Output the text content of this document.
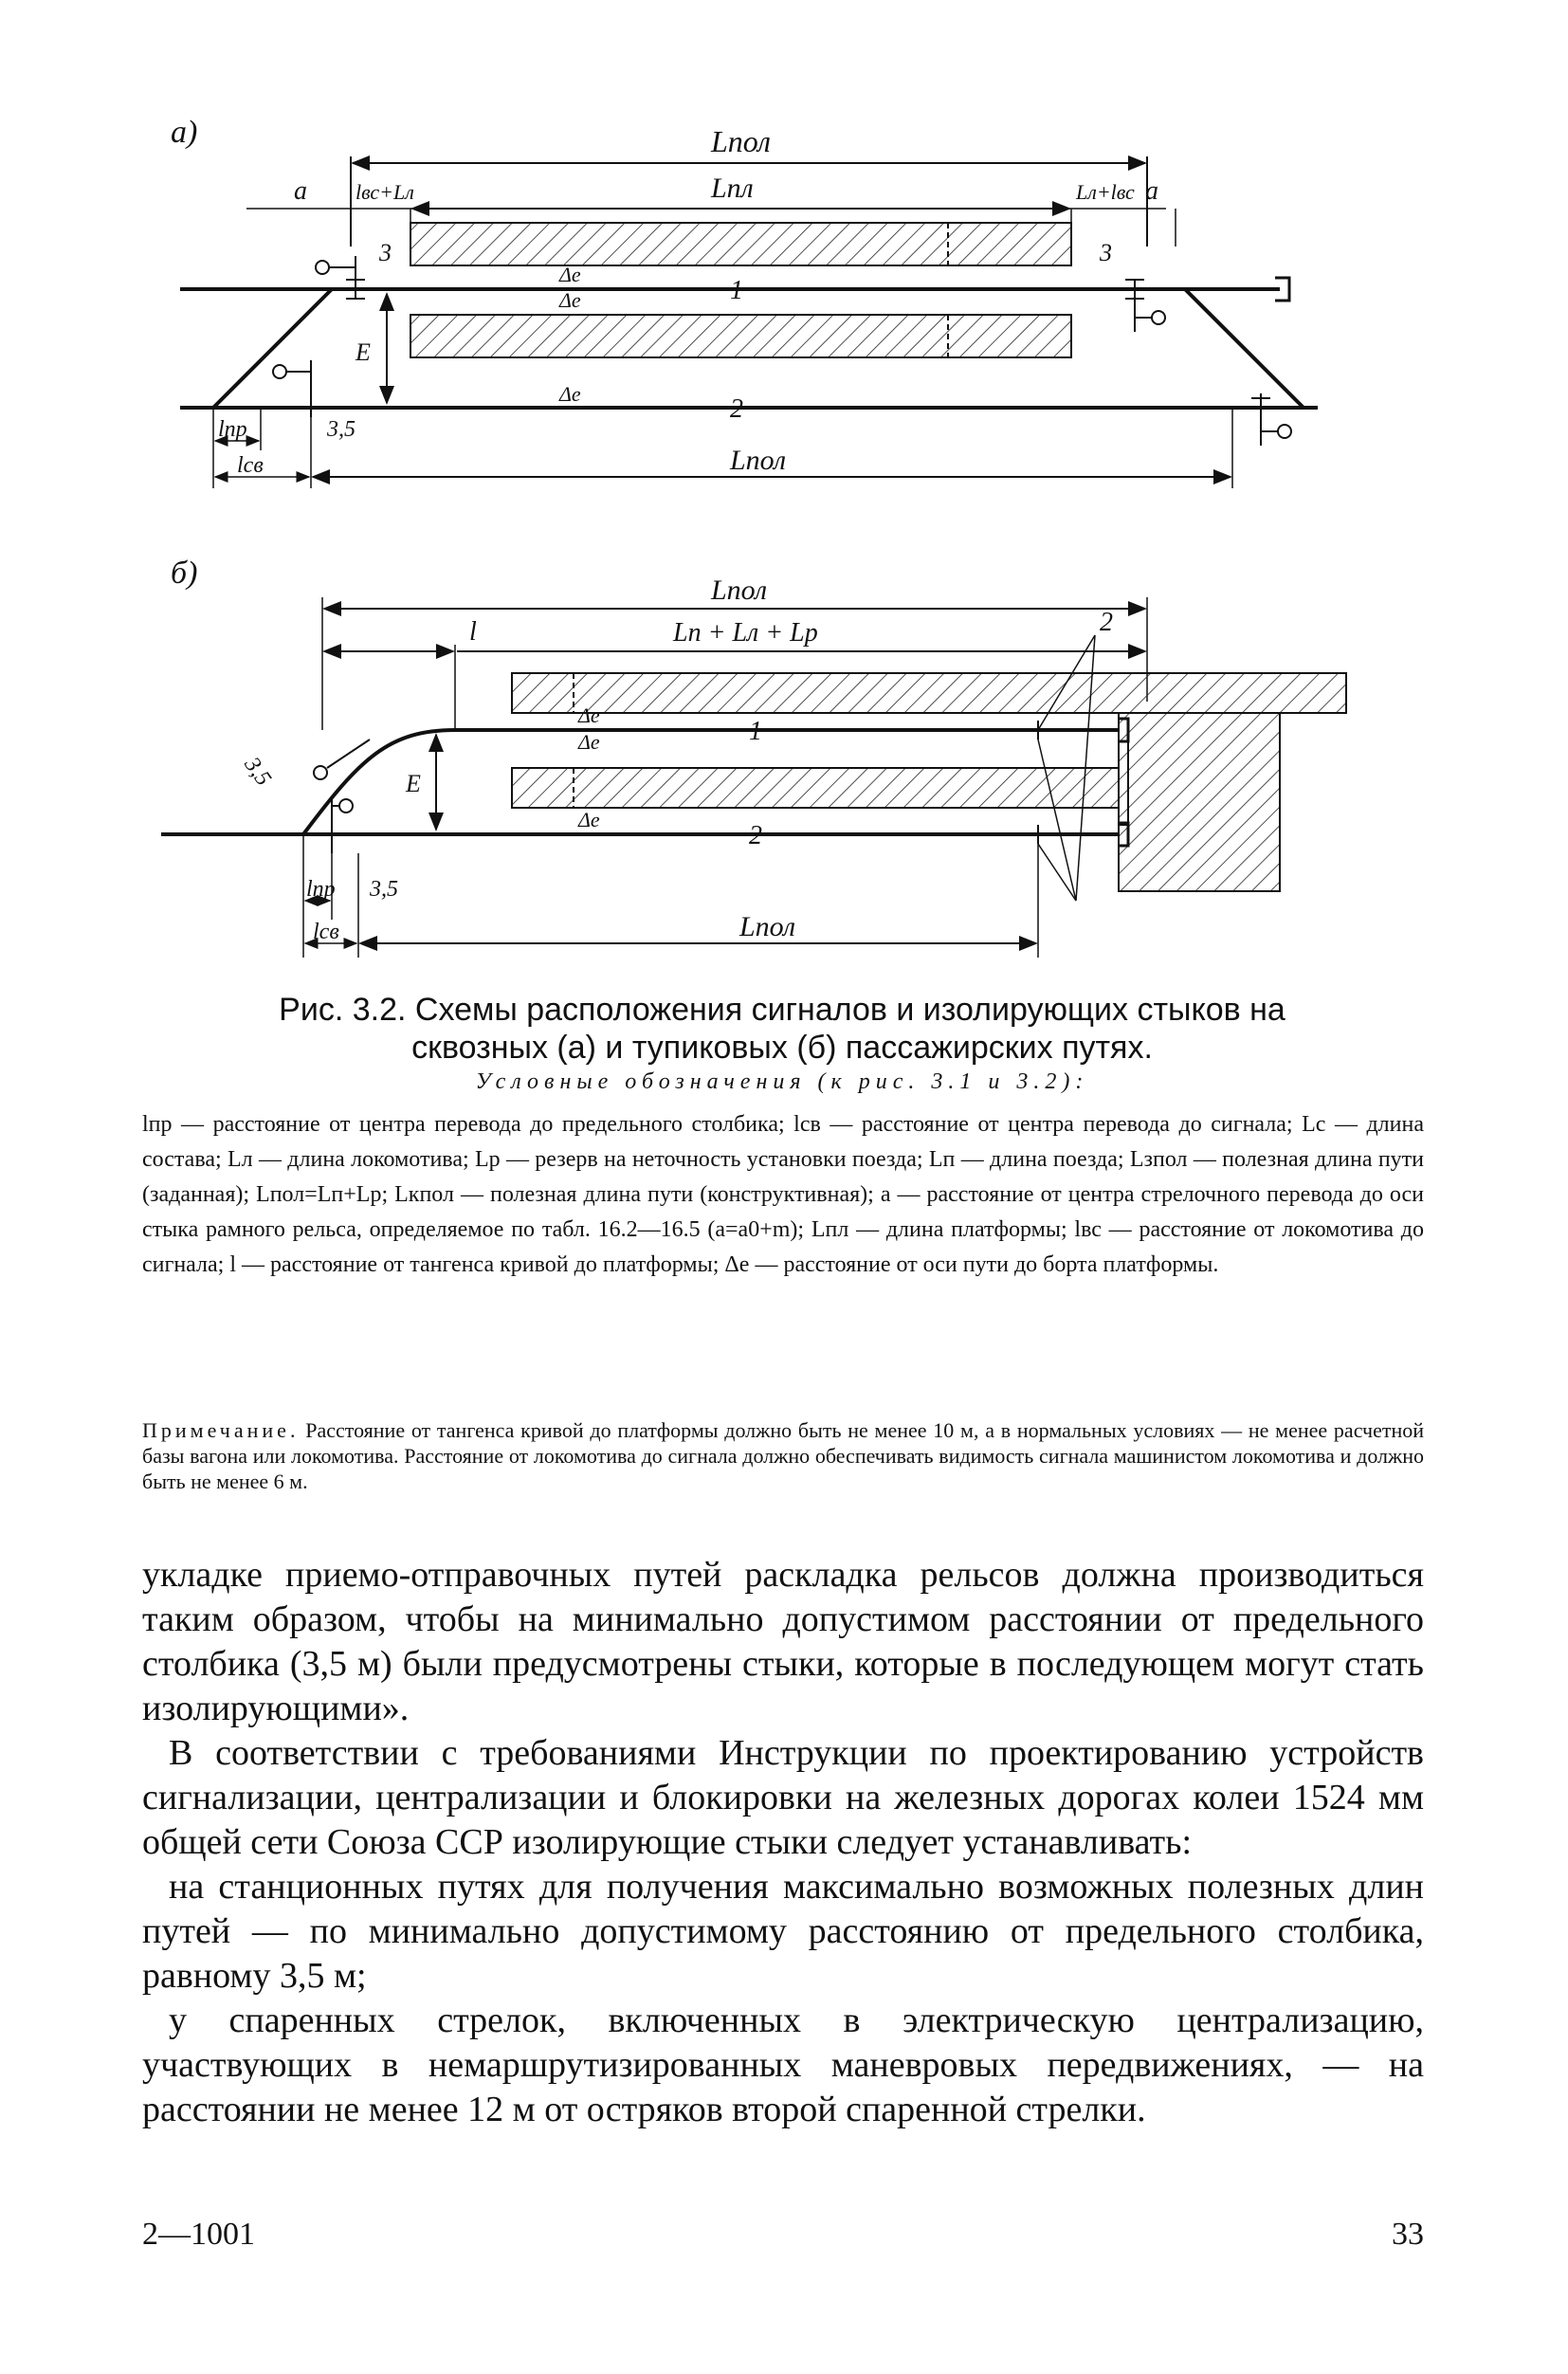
а)	Lпол
Lпл
a lвс+Lл	Lл+lвс a
3	3
Δe
Δe
Δe
1
2
E
lпр	3,5
lсв	Lпол
б)	Lпол
l	Lп + Lл + Lр	2
Δe
Δe
Δe
1
2
E
3,5
lпр 3,5
lсв	Lпол
Рис. 3.2. Схемы расположения сигналов и изолирующих стыков на
сквозных (а) и тупиковых (б) пассажирских путях.
Условные обозначения (к рис. 3.1 и 3.2):
lпр — расстояние от центра перевода до предельного столбика; lсв — расстояние от центра перевода до сигнала; Lс — длина состава; Lл — длина локомотива; Lр — резерв на неточность установки поезда; Lп — длина поезда; Lзпол — полезная длина пути (заданная); Lпол=Lп+Lр; Lкпол — полезная длина пути (конструктивная); a — расстояние от центра стрелочного перевода до оси стыка рамного рельса, определяемое по табл. 16.2—16.5 (a=a0+m); Lпл — длина платформы; lвс — расстояние от локомотива до сигнала; l — расстояние от тангенса кривой до платформы; Δe — расстояние от оси пути до борта платформы.
Примечание. Расстояние от тангенса кривой до платформы должно быть не менее 10 м, а в нормальных условиях — не менее расчетной базы вагона или локомотива. Расстояние от локомотива до сигнала должно обеспечивать видимость сигнала машинистом локомотива и должно быть не менее 6 м.

укладке приемо-отправочных путей раскладка рельсов должна производиться таким образом, чтобы на минимально допустимом расстоянии от предельного столбика (3,5 м) были предусмотрены стыки, которые в последующем могут стать изолирующими».

В соответствии с требованиями Инструкции по проектированию устройств сигнализации, централизации и блокировки на железных дорогах колеи 1524 мм общей сети Союза ССР изолирующие стыки следует устанавливать:

на станционных путях для получения максимально возможных полезных длин путей — по минимально допустимому расстоянию от предельного столбика, равному 3,5 м;

у спаренных стрелок, включенных в электрическую централизацию, участвующих в немаршрутизированных маневровых передвижениях, — на расстоянии не менее 12 м от остряков второй спаренной стрелки.

2—1001	33
